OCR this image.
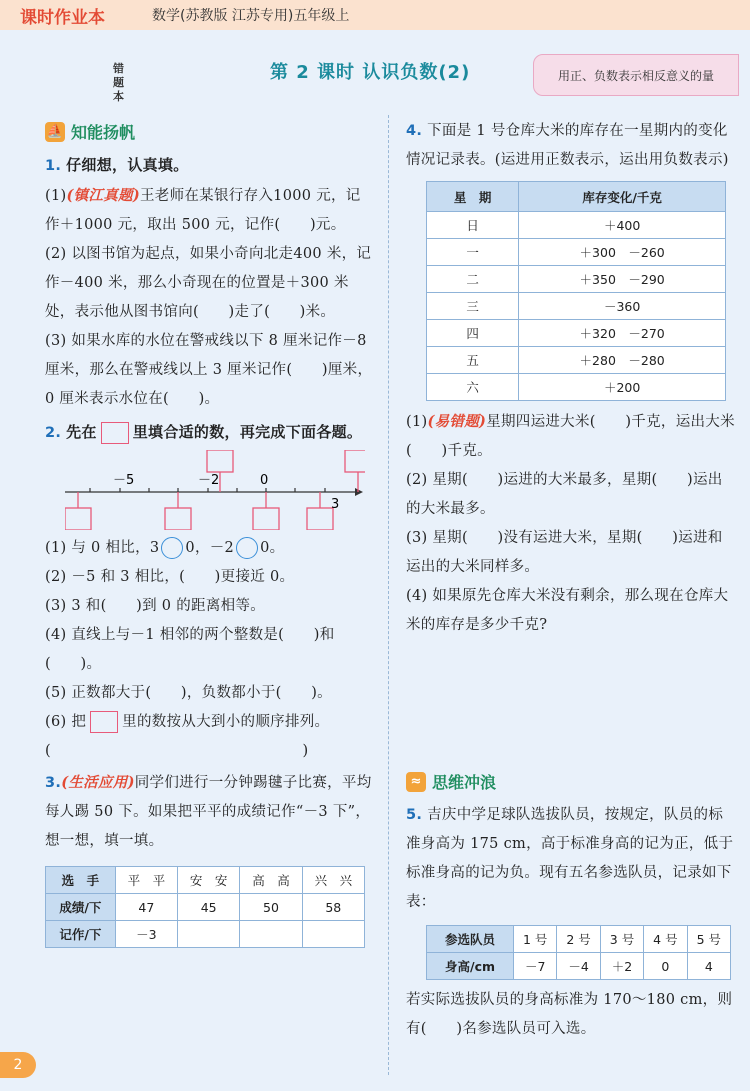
课时作业本	数学(苏教版 江苏专用)五年级上
错题本
第 2 课时 认识负数(2)	用正、负数表示相反意义的量
⛵ 知能扬帆
1. 仔细想，认真填。
(1)(镇江真题)王老师在某银行存入1000 元，记作＋1000 元，取出 500 元，记作(　　)元。
(2) 以图书馆为起点，如果小奇向北走400 米，记作－400 米，那么小奇现在的位置是＋300 米处，表示他从图书馆向(　　)走了(　　)米。
(3) 如果水库的水位在警戒线以下 8 厘米记作－8 厘米，那么在警戒线以上 3 厘米记作(　　)厘米，0 厘米表示水位在(　　)。
2. 先在 里填合适的数，再完成下面各题。
－5	－2	0
3
(1) 与 0 相比，3 0，－2 0。
(2) －5 和 3 相比，(　　)更接近 0。
(3) 3 和(　　)到 0 的距离相等。
(4) 直线上与－1 相邻的两个整数是(　　)和(　　)。
(5) 正数都大于(　　)，负数都小于(　　)。
(6) 把 里的数按从大到小的顺序排列。
(　　　　　　　　　　　　　　　　　)
3.(生活应用)同学们进行一分钟踢毽子比赛，平均每人踢 50 下。如果把平平的成绩记作“－3 下”，想一想，填一填。
选　手	平　平	安　安	高　高	兴　兴
成绩/下	47	45	50	58
记作/下	－3			
4. 下面是 1 号仓库大米的库存在一星期内的变化情况记录表。(运进用正数表示，运出用负数表示)
星　期	库存变化/千克
日	＋400
一	＋300　－260
二	＋350　－290
三	－360
四	＋320　－270
五	＋280　－280
六	＋200
(1)(易错题)星期四运进大米(　　)千克，运出大米(　　)千克。
(2) 星期(　　)运进的大米最多，星期(　　)运出的大米最多。
(3) 星期(　　)没有运进大米，星期(　　)运进和运出的大米同样多。
(4) 如果原先仓库大米没有剩余，那么现在仓库大米的库存是多少千克?
≈ 思维冲浪
5. 吉庆中学足球队选拔队员，按规定，队员的标准身高为 175 cm，高于标准身高的记为正，低于标准身高的记为负。现有五名参选队员，记录如下表：
参选队员	1 号	2 号	3 号	4 号	5 号
身高/cm	－7	－4	＋2	0	4
若实际选拔队员的身高标准为 170～180 cm，则有(　　)名参选队员可入选。
2
